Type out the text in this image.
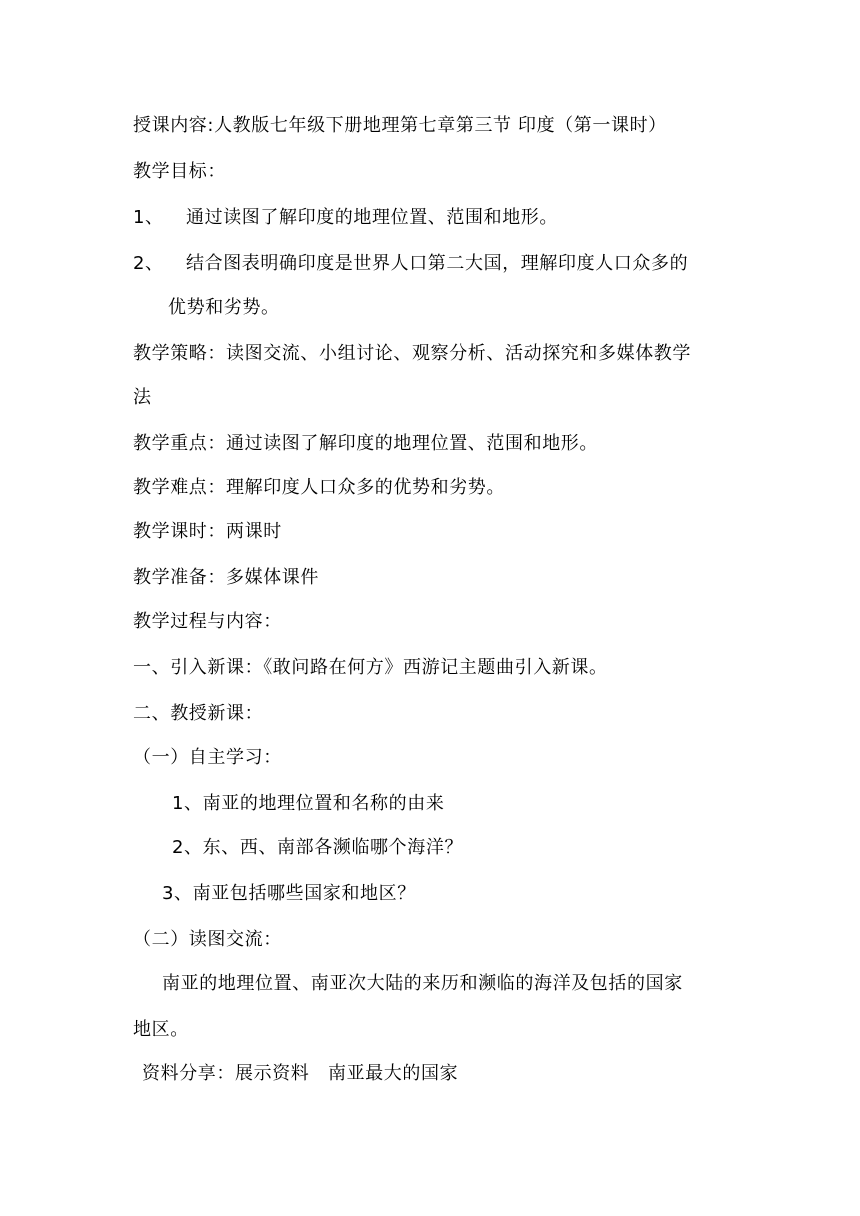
授课内容:人教版七年级下册地理第七章第三节 印度（第一课时）
教学目标：
1、 通过读图了解印度的地理位置、范围和地形。
2、 结合图表明确印度是世界人口第二大国，理解印度人口众多的
优势和劣势。
教学策略：读图交流、小组讨论、观察分析、活动探究和多媒体教学
法
教学重点：通过读图了解印度的地理位置、范围和地形。
教学难点：理解印度人口众多的优势和劣势。
教学课时：两课时
教学准备：多媒体课件
教学过程与内容：
一、引入新课：《敢问路在何方》西游记主题曲引入新课。
二、教授新课：
（一）自主学习：
1、南亚的地理位置和名称的由来
2、东、西、南部各濒临哪个海洋？
3、南亚包括哪些国家和地区？
（二）读图交流：
南亚的地理位置、南亚次大陆的来历和濒临的海洋及包括的国家
地区。
资料分享：展示资料　南亚最大的国家
